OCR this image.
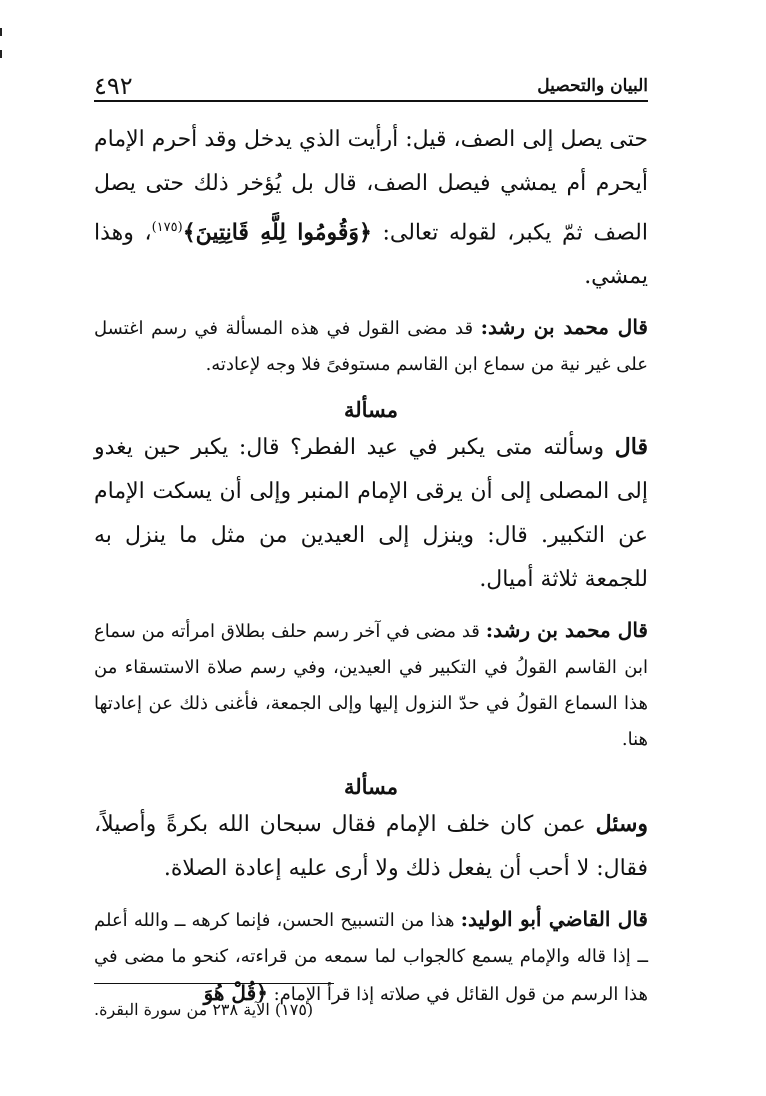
البيان والتحصيل
٤٩٢

حتى يصل إلى الصف، قيل: أرأيت الذي يدخل وقد أحرم الإمام أيحرم أم يمشي فيصل الصف، قال بل يُؤخر ذلك حتى يصل الصف ثمّ يكبر، لقوله تعالى: ﴿وَقُومُوا لِلَّهِ قَانِتِينَ﴾$^{(١٧٥)}$، وهذا يمشي.

قال محمد بن رشد: قد مضى القول في هذه المسألة في رسم اغتسل على غير نية من سماع ابن القاسم مستوفىً فلا وجه لإعادته.

مسألة

قال وسألته متى يكبر في عيد الفطر؟ قال: يكبر حين يغدو إلى المصلى إلى أن يرقى الإمام المنبر وإلى أن يسكت الإمام عن التكبير. قال: وينزل إلى العيدين من مثل ما ينزل به للجمعة ثلاثة أميال.

قال محمد بن رشد: قد مضى في آخر رسم حلف بطلاق امرأته من سماع ابن القاسم القولُ في التكبير في العيدين، وفي رسم صلاة الاستسقاء من هذا السماع القولُ في حدّ النزول إليها وإلى الجمعة، فأغنى ذلك عن إعادتها هنا.

مسألة

وسئل عمن كان خلف الإمام فقال سبحان الله بكرةً وأصيلاً، فقال: لا أحب أن يفعل ذلك ولا أرى عليه إعادة الصلاة.

قال القاضي أبو الوليد: هذا من التسبيح الحسن، فإنما كرهه ــ والله أعلم ــ إذا قاله والإمام يسمع كالجواب لما سمعه من قراءته، كنحو ما مضى في هذا الرسم من قول القائل في صلاته إذا قرأ الإمام: ﴿قُلْ هُوَ

(١٧٥) الآية ٢٣٨ من سورة البقرة.
